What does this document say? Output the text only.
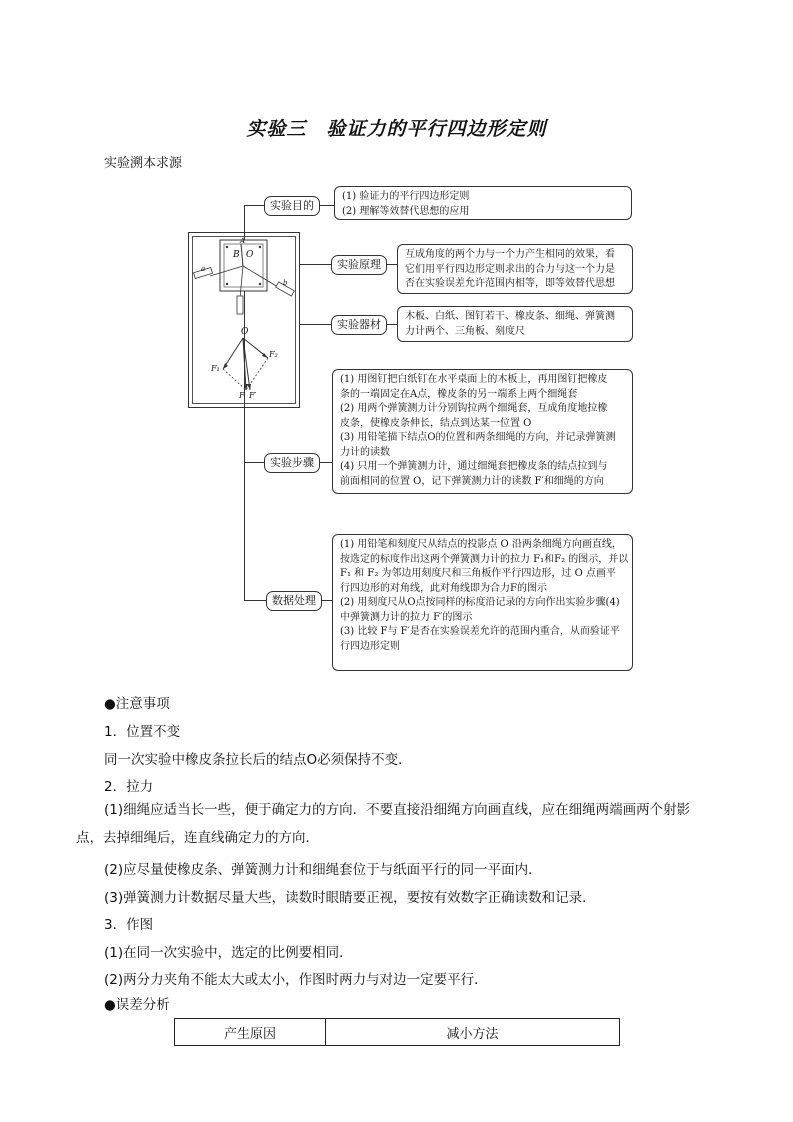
实验三　验证力的平行四边形定则
实验溯本求源
实验目的
实验原理
实验器材
实验步骤
数据处理
(1) 验证力的平行四边形定则
(2) 理解等效替代思想的应用
互成角度的两个力与一个力产生相同的效果，看
它们用平行四边形定则求出的合力与这一个力是
否在实验误差允许范围内相等，即等效替代思想
木板、白纸、图钉若干、橡皮条、细绳、弹簧测
力计两个、三角板、刻度尺
(1) 用图钉把白纸钉在水平桌面上的木板上，再用图钉把橡皮
条的一端固定在A点，橡皮条的另一端系上两个细绳套
(2) 用两个弹簧测力计分别钩拉两个细绳套，互成角度地拉橡
皮条，使橡皮条伸长，结点到达某一位置 O
(3) 用铅笔描下结点O的位置和两条细绳的方向，并记录弹簧测
力计的读数
(4) 只用一个弹簧测力计，通过细绳套把橡皮条的结点拉到与
前面相同的位置 O，记下弹簧测力计的读数 F′和细绳的方向
(1) 用铅笔和刻度尺从结点的投影点 O 沿两条细绳方向画直线，
按选定的标度作出这两个弹簧测力计的拉力 F₁和F₂ 的图示，并以
F₁ 和 F₂ 为邻边用刻度尺和三角板作平行四边形，过 O 点画平
行四边形的对角线，此对角线即为合力F的图示
(2) 用刻度尺从O点按同样的标度沿记录的方向作出实验步骤(4)
中弹簧测力计的拉力 F′的图示
(3) 比较 F与 F′是否在实验误差允许的范围内重合，从而验证平
行四边形定则
A
B O
a
b
O
F₁
F₂
F F′
●注意事项
1．位置不变
同一次实验中橡皮条拉长后的结点O必须保持不变．
2．拉力
(1)细绳应适当长一些，便于确定力的方向．不要直接沿细绳方向画直线，应在细绳两端画两个射影点，去掉细绳后，连直线确定力的方向．
(2)应尽量使橡皮条、弹簧测力计和细绳套位于与纸面平行的同一平面内．
(3)弹簧测力计数据尽量大些，读数时眼睛要正视，要按有效数字正确读数和记录．
3．作图
(1)在同一次实验中，选定的比例要相同．
(2)两分力夹角不能太大或太小，作图时两力与对边一定要平行．
●误差分析
产生原因	减小方法
